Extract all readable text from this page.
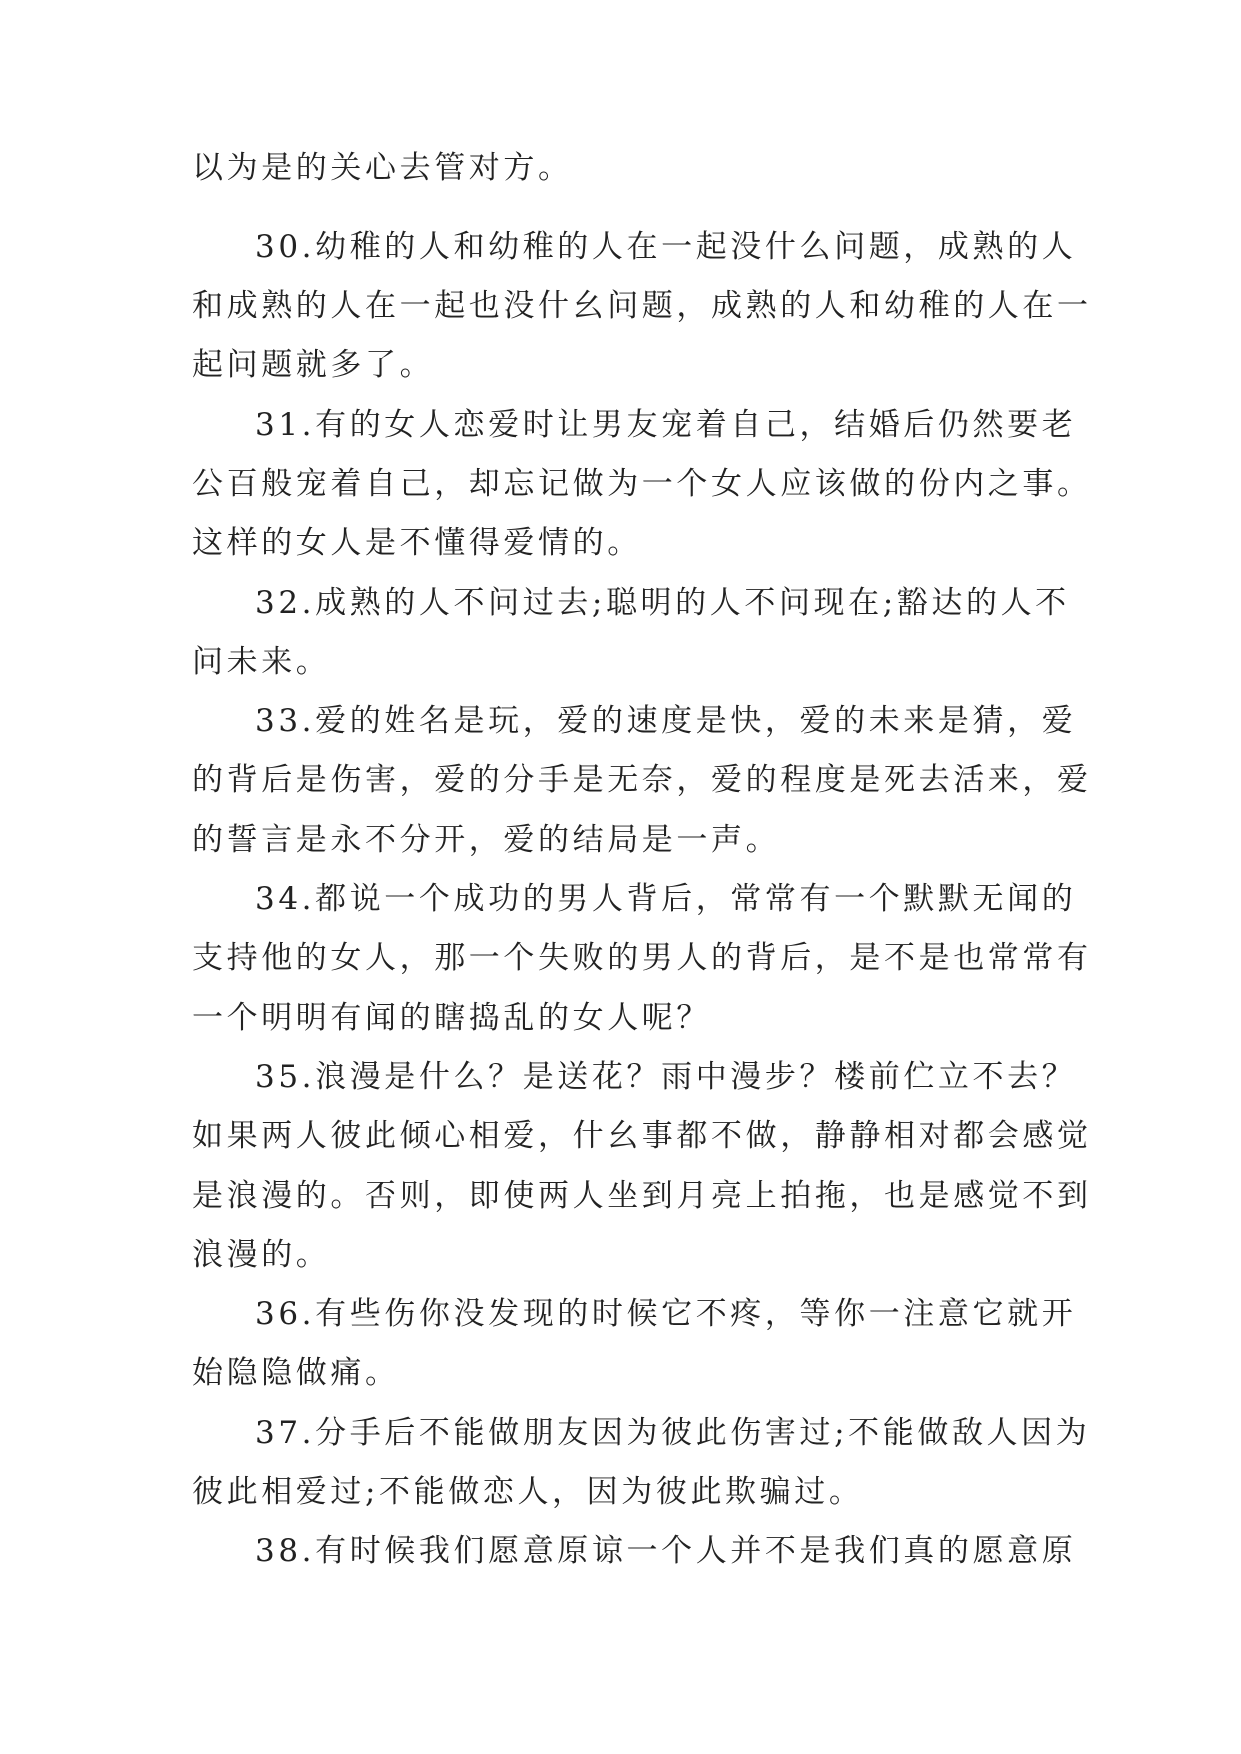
以为是的关心去管对方。
30.幼稚的人和幼稚的人在一起没什么问题，成熟的人
和成熟的人在一起也没什幺问题，成熟的人和幼稚的人在一
起问题就多了。
31.有的女人恋爱时让男友宠着自己，结婚后仍然要老
公百般宠着自己，却忘记做为一个女人应该做的份内之事。
这样的女人是不懂得爱情的。
32.成熟的人不问过去;聪明的人不问现在;豁达的人不
问未来。
33.爱的姓名是玩，爱的速度是快，爱的未来是猜，爱
的背后是伤害，爱的分手是无奈，爱的程度是死去活来，爱
的誓言是永不分开，爱的结局是一声。
34.都说一个成功的男人背后，常常有一个默默无闻的
支持他的女人，那一个失败的男人的背后，是不是也常常有
一个明明有闻的瞎捣乱的女人呢？
35.浪漫是什么？是送花？雨中漫步？楼前伫立不去？
如果两人彼此倾心相爱，什幺事都不做，静静相对都会感觉
是浪漫的。否则，即使两人坐到月亮上拍拖，也是感觉不到
浪漫的。
36.有些伤你没发现的时候它不疼，等你一注意它就开
始隐隐做痛。
37.分手后不能做朋友因为彼此伤害过;不能做敌人因为
彼此相爱过;不能做恋人，因为彼此欺骗过。
38.有时候我们愿意原谅一个人并不是我们真的愿意原
